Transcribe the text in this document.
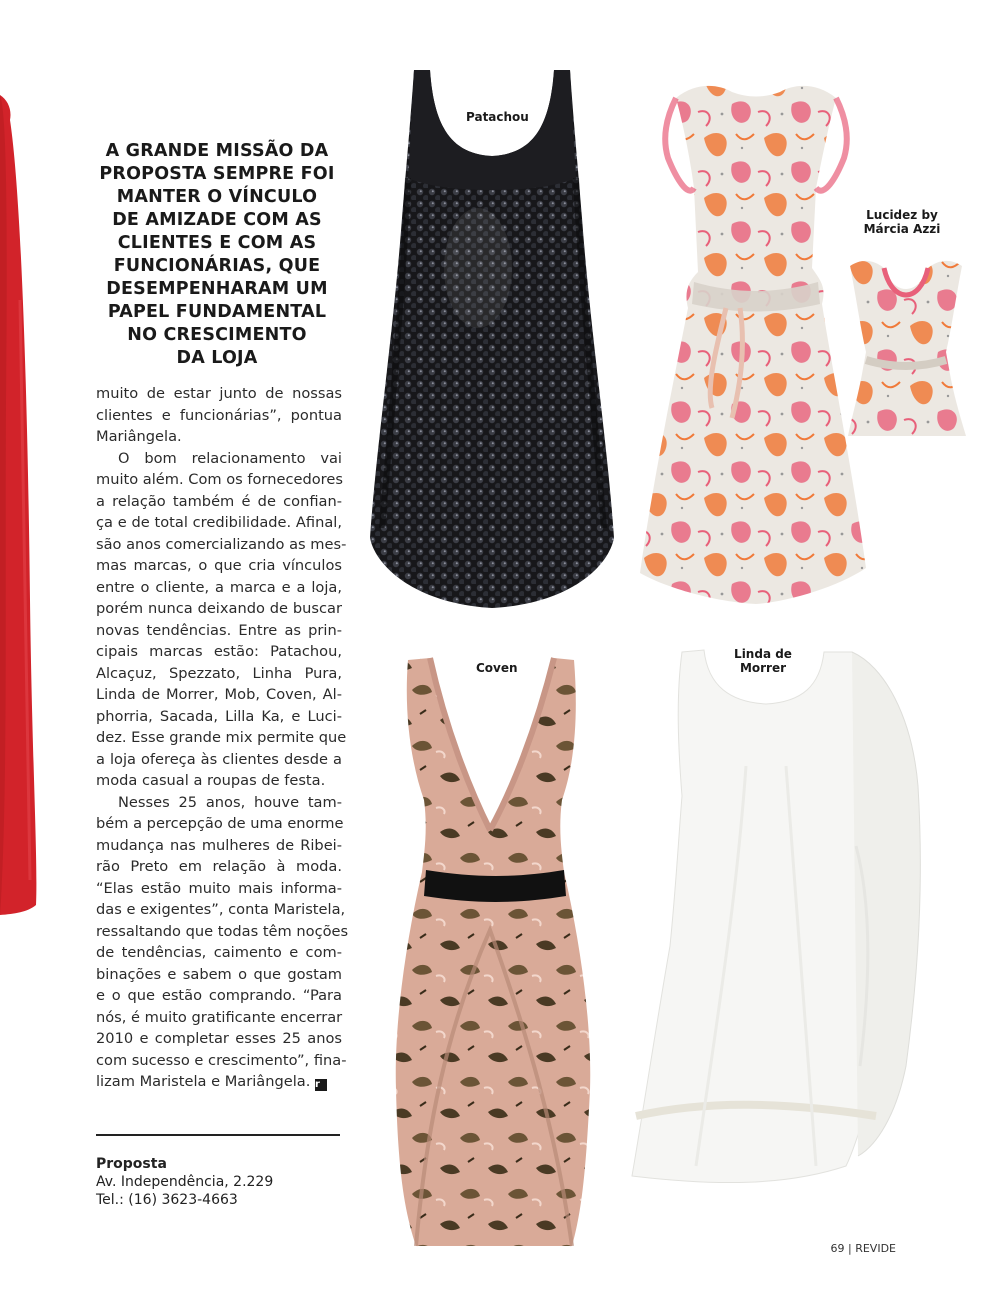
A GRANDE MISSÃO DA
PROPOSTA SEMPRE FOI
MANTER O VÍNCULO
DE AMIZADE COM AS
CLIENTES E COM AS
FUNCIONÁRIAS, QUE
DESEMPENHARAM UM
PAPEL FUNDAMENTAL
NO CRESCIMENTO
DA LOJA
muito de estar junto de nossas
clientes e funcionárias”, pontua
Mariângela.
O bom relacionamento vai
muito além. Com os fornecedores
a relação também é de confian-
ça e de total credibilidade. Afinal,
são anos comercializando as mes-
mas marcas, o que cria vínculos
entre o cliente, a marca e a loja,
porém nunca deixando de buscar
novas tendências. Entre as prin-
cipais marcas estão: Patachou,
Alcaçuz, Spezzato, Linha Pura,
Linda de Morrer, Mob, Coven, Al-
phorria, Sacada, Lilla Ka, e Luci-
dez. Esse grande mix permite que
a loja ofereça às clientes desde a
moda casual a roupas de festa.
Nesses 25 anos, houve tam-
bém a percepção de uma enorme
mudança nas mulheres de Ribei-
rão Preto em relação à moda.
“Elas estão muito mais informa-
das e exigentes”, conta Maristela,
ressaltando que todas têm noções
de tendências, caimento e com-
binações e sabem o que gostam
e o que estão comprando. “Para
nós, é muito gratificante encerrar
2010 e completar esses 25 anos
com sucesso e crescimento”, fina-
lizam Maristela e Mariângela. r
Proposta
Av. Independência, 2.229
Tel.: (16) 3623-4663
Patachou
Lucidez by
Márcia Azzi
Coven
Linda de
Morrer
69 | REVIDE
